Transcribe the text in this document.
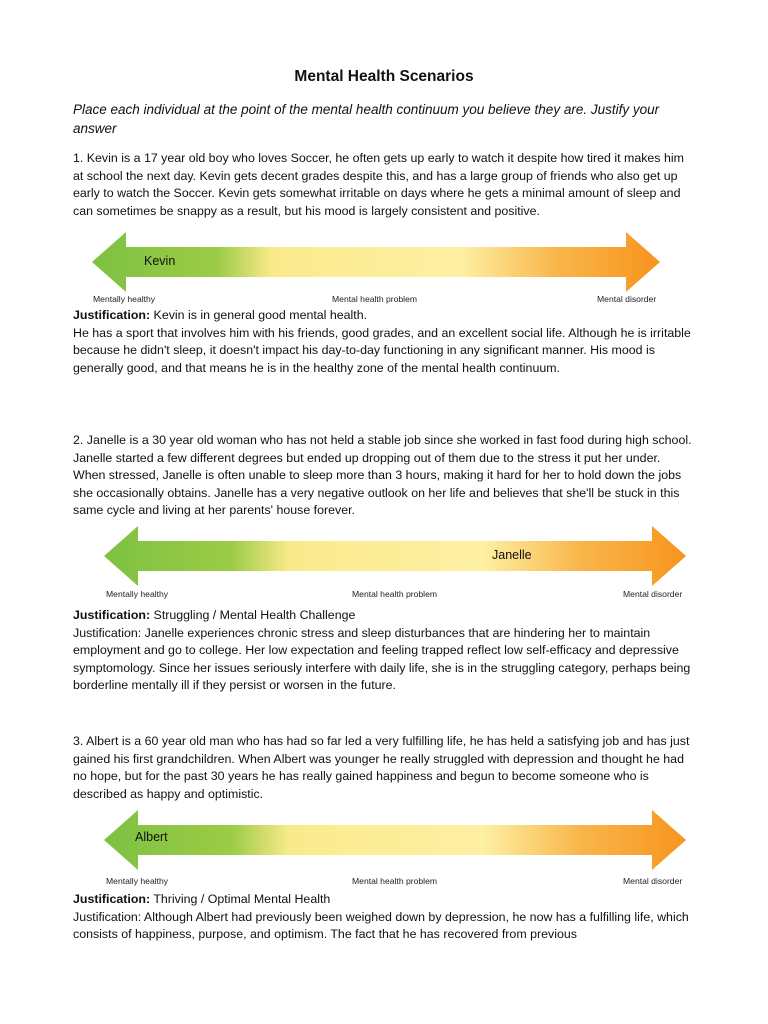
Mental Health Scenarios
Place each individual at the point of the mental health continuum you believe they are. Justify your answer

1. Kevin is a 17 year old boy who loves Soccer, he often gets up early to watch it despite how tired it makes him at school the next day. Kevin gets decent grades despite this, and has a large group of friends who also get up early to watch the Soccer. Kevin gets somewhat irritable on days where he gets a minimal amount of sleep and can sometimes be snappy as a result, but his mood is largely consistent and positive.

Kevin
Mentally healthy	Mental health problem	Mental disorder

Justification: Kevin is in general good mental health.

He has a sport that involves him with his friends, good grades, and an excellent social life. Although he is irritable because he didn't sleep, it doesn't impact his day-to-day functioning in any significant manner. His mood is generally good, and that means he is in the healthy zone of the mental health continuum.

2. Janelle is a 30 year old woman who has not held a stable job since she worked in fast food during high school. Janelle started a few different degrees but ended up dropping out of them due to the stress it put her under. When stressed, Janelle is often unable to sleep more than 3 hours, making it hard for her to hold down the jobs she occasionally obtains. Janelle has a very negative outlook on her life and believes that she'll be stuck in this same cycle and living at her parents' house forever.

Janelle
Mentally healthy	Mental health problem	Mental disorder

Justification: Struggling / Mental Health Challenge

Justification: Janelle experiences chronic stress and sleep disturbances that are hindering her to maintain employment and go to college. Her low expectation and feeling trapped reflect low self-efficacy and depressive symptomology. Since her issues seriously interfere with daily life, she is in the struggling category, perhaps being borderline mentally ill if they persist or worsen in the future.

3. Albert is a 60 year old man who has had so far led a very fulfilling life, he has held a satisfying job and has just gained his first grandchildren. When Albert was younger he really struggled with depression and thought he had no hope, but for the past 30 years he has really gained happiness and begun to become someone who is described as happy and optimistic.

Albert
Mentally healthy	Mental health problem	Mental disorder

Justification: Thriving / Optimal Mental Health

Justification: Although Albert had previously been weighed down by depression, he now has a fulfilling life, which consists of happiness, purpose, and optimism. The fact that he has recovered from previous
